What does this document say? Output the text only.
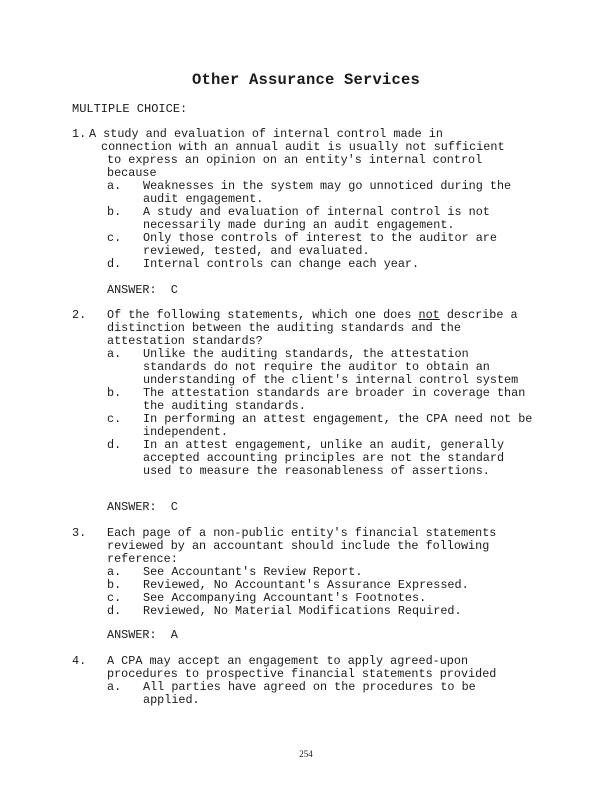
Other Assurance Services
MULTIPLE CHOICE:
1. A study and evaluation of internal control made in
connection with an annual audit is usually not sufficient
to express an opinion on an entity's internal control
because
a. Weaknesses in the system may go unnoticed during the
audit engagement.
b. A study and evaluation of internal control is not
necessarily made during an audit engagement.
c. Only those controls of interest to the auditor are
reviewed, tested, and evaluated.
d. Internal controls can change each year.
ANSWER:  C
2. Of the following statements, which one does not describe a
distinction between the auditing standards and the
attestation standards?
a. Unlike the auditing standards, the attestation
standards do not require the auditor to obtain an
understanding of the client's internal control system
b. The attestation standards are broader in coverage than
the auditing standards.
c. In performing an attest engagement, the CPA need not be
independent.
d. In an attest engagement, unlike an audit, generally
accepted accounting principles are not the standard
used to measure the reasonableness of assertions.
ANSWER:  C
3. Each page of a non-public entity's financial statements
reviewed by an accountant should include the following
reference:
a. See Accountant's Review Report.
b. Reviewed, No Accountant's Assurance Expressed.
c. See Accompanying Accountant's Footnotes.
d. Reviewed, No Material Modifications Required.
ANSWER:  A
4. A CPA may accept an engagement to apply agreed-upon
procedures to prospective financial statements provided
a. All parties have agreed on the procedures to be
applied.
254
